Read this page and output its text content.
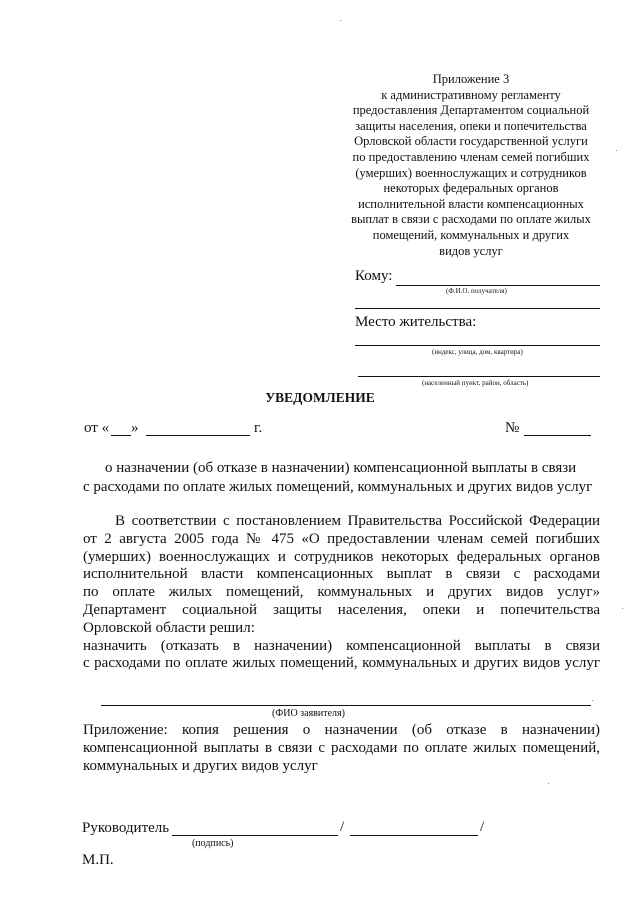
Приложение 3
к административному регламенту
предоставления Департаментом социальной
защиты населения, опеки и попечительства
Орловской области государственной услуги
по предоставлению членам семей погибших
(умерших) военнослужащих и сотрудников
некоторых федеральных органов
исполнительной власти компенсационных
выплат в связи с расходами по оплате жилых
помещений, коммунальных и других
видов услуг
Кому:
(Ф.И.О. получателя)
Место жительства:
(индекс, улица, дом, квартира)
(населенный пункт, район, область)
УВЕДОМЛЕНИЕ
от « »	г.	№
о назначении (об отказе в назначении) компенсационной выплаты в связи
с расходами по оплате жилых помещений, коммунальных и других видов услуг
В соответствии с постановлением Правительства Российской Федерации
от 2 августа 2005 года № 475 «О предоставлении членам семей погибших
(умерших) военнослужащих и сотрудников некоторых федеральных органов
исполнительной власти компенсационных выплат в связи с расходами
по оплате жилых помещений, коммунальных и других видов услуг»
Департамент социальной защиты населения, опеки и попечительства
Орловской области решил:
назначить (отказать в назначении) компенсационной выплаты в связи
с расходами по оплате жилых помещений, коммунальных и других видов услуг
(ФИО заявителя)
Приложение: копия решения о назначении (об отказе в назначении)
компенсационной выплаты в связи с расходами по оплате жилых помещений,
коммунальных и других видов услуг
Руководитель	/	/
(подпись)
М.П.
